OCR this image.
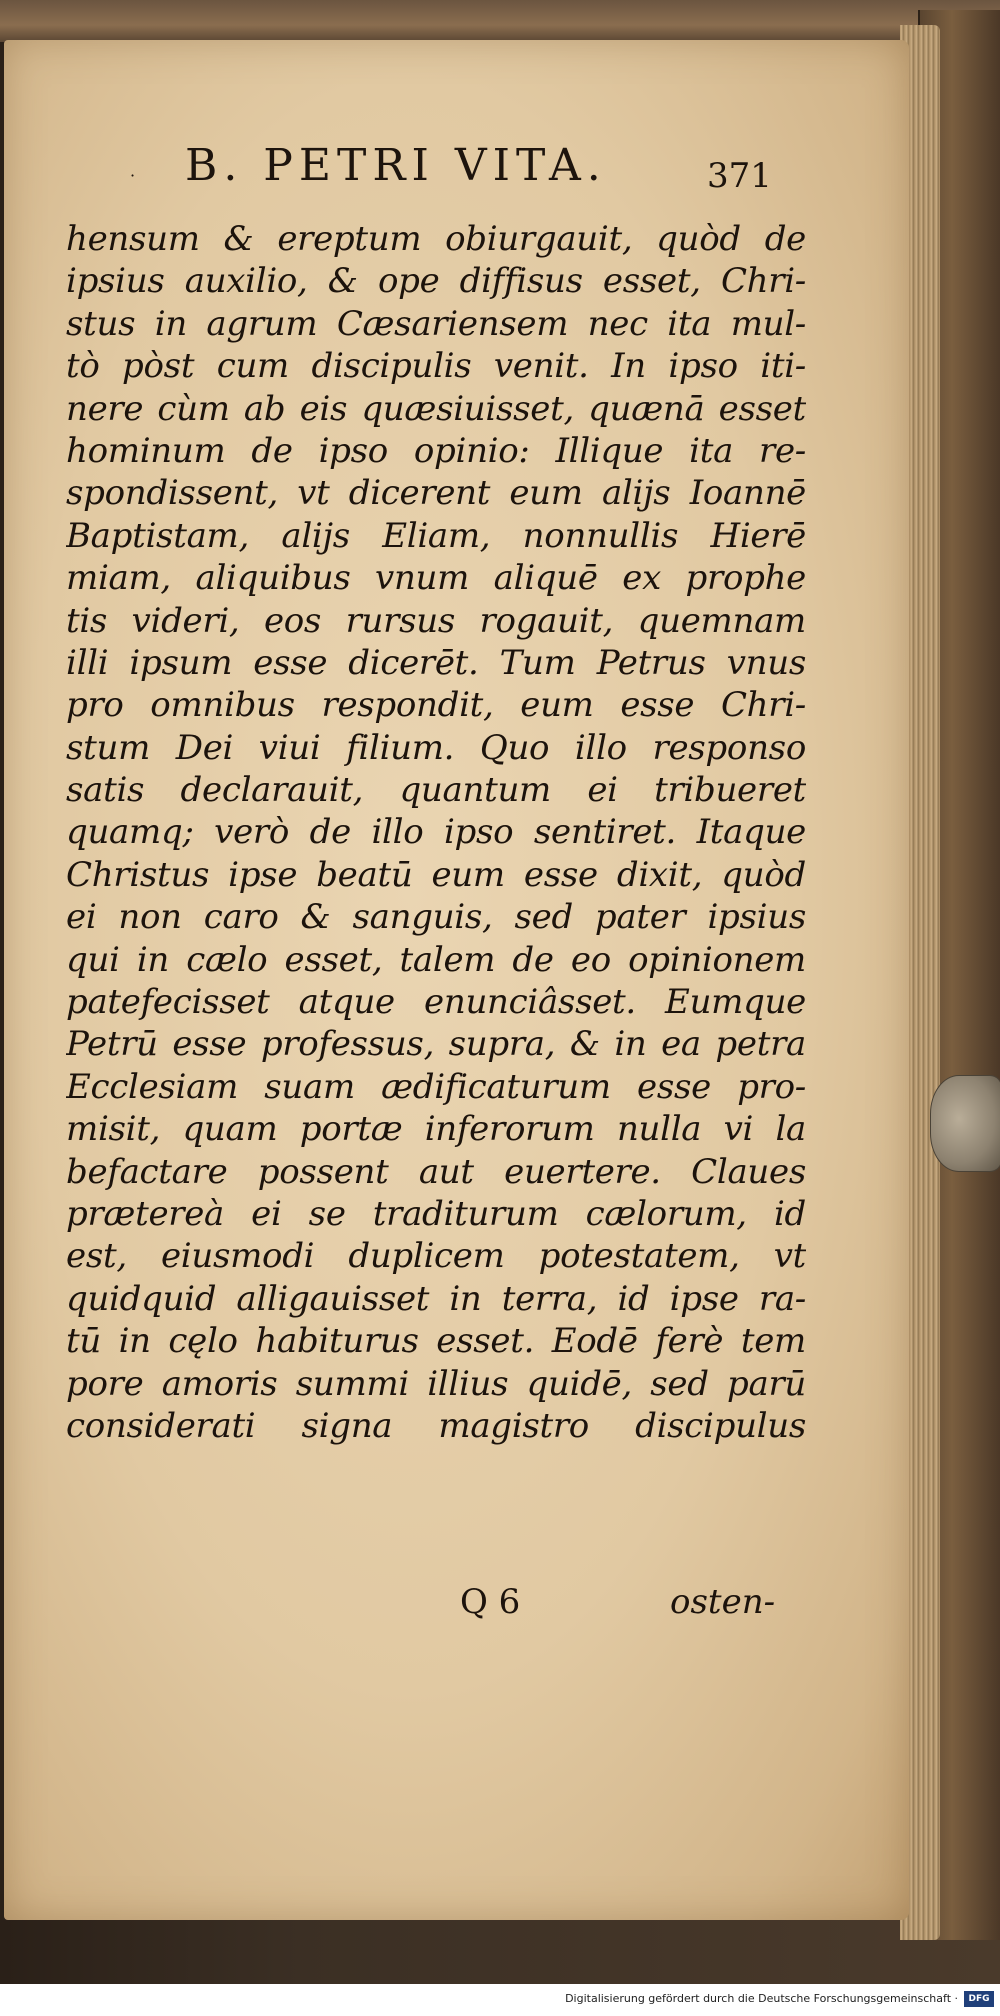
· B. PETRI VITA.	371
hensum & ereptum obiurgauit, quòd de
ipsius auxilio, & ope diffisus esset, Chri-
stus in agrum Cæsariensem nec ita mul-
tò pòst cum discipulis venit. In ipso iti-
nere cùm ab eis quæsiuisset, quænā esset
hominum de ipso opinio: Illique ita re-
spondissent, vt dicerent eum alijs Ioannē
Baptistam, alijs Eliam, nonnullis Hierē
miam, aliquibus vnum aliquē ex prophe
tis videri, eos rursus rogauit, quemnam
illi ipsum esse dicerēt. Tum Petrus vnus
pro omnibus respondit, eum esse Chri-
stum Dei viui filium. Quo illo responso
satis declarauit, quantum ei tribueret
quamq; verò de illo ipso sentiret. Itaque
Christus ipse beatū eum esse dixit, quòd
ei non caro & sanguis, sed pater ipsius
qui in cælo esset, talem de eo opinionem
patefecisset atque enunciâsset. Eumque
Petrū esse professus, supra, & in ea petra
Ecclesiam suam ædificaturum esse pro-
misit, quam portæ inferorum nulla vi la
befactare possent aut euertere. Claues
prætereà ei se traditurum cælorum, id
est, eiusmodi duplicem potestatem, vt
quidquid alligauisset in terra, id ipse ra-
tū in cęlo habiturus esset. Eodē ferè tem
pore amoris summi illius quidē, sed parū
considerati signa magistro discipulus
Q 6	osten-
Digitalisierung gefördert durch die Deutsche Forschungsgemeinschaft ·	DFG
